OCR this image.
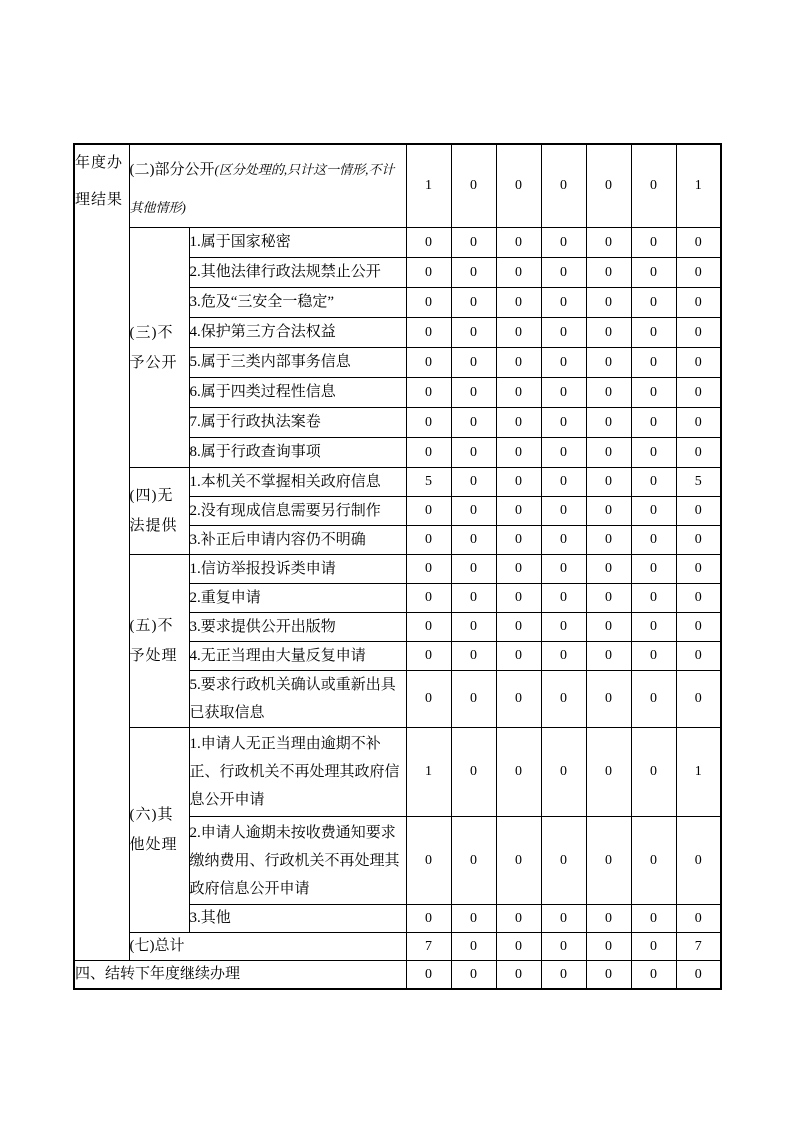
年度办理结果	(二)部分公开(区分处理的,只计这一情形,不计其他情形)		1	0	0	0	0	0	1
	(三)不予公开	1.属于国家秘密	0	0	0	0	0	0	0
		2.其他法律行政法规禁止公开	0	0	0	0	0	0	0
		3.危及“三安全一稳定”	0	0	0	0	0	0	0
		4.保护第三方合法权益	0	0	0	0	0	0	0
		5.属于三类内部事务信息	0	0	0	0	0	0	0
		6.属于四类过程性信息	0	0	0	0	0	0	0
		7.属于行政执法案卷	0	0	0	0	0	0	0
		8.属于行政查询事项	0	0	0	0	0	0	0
	(四)无法提供	1.本机关不掌握相关政府信息	5	0	0	0	0	0	5
		2.没有现成信息需要另行制作	0	0	0	0	0	0	0
		3.补正后申请内容仍不明确	0	0	0	0	0	0	0
	(五)不予处理	1.信访举报投诉类申请	0	0	0	0	0	0	0
		2.重复申请	0	0	0	0	0	0	0
		3.要求提供公开出版物	0	0	0	0	0	0	0
		4.无正当理由大量反复申请	0	0	0	0	0	0	0
		5.要求行政机关确认或重新出具已获取信息	0	0	0	0	0	0	0
	(六)其他处理	1.申请人无正当理由逾期不补正、行政机关不再处理其政府信息公开申请	1	0	0	0	0	0	1
		2.申请人逾期未按收费通知要求缴纳费用、行政机关不再处理其政府信息公开申请	0	0	0	0	0	0	0
		3.其他	0	0	0	0	0	0	0
	(七)总计		7	0	0	0	0	0	7
四、结转下年度继续办理			0	0	0	0	0	0	0
